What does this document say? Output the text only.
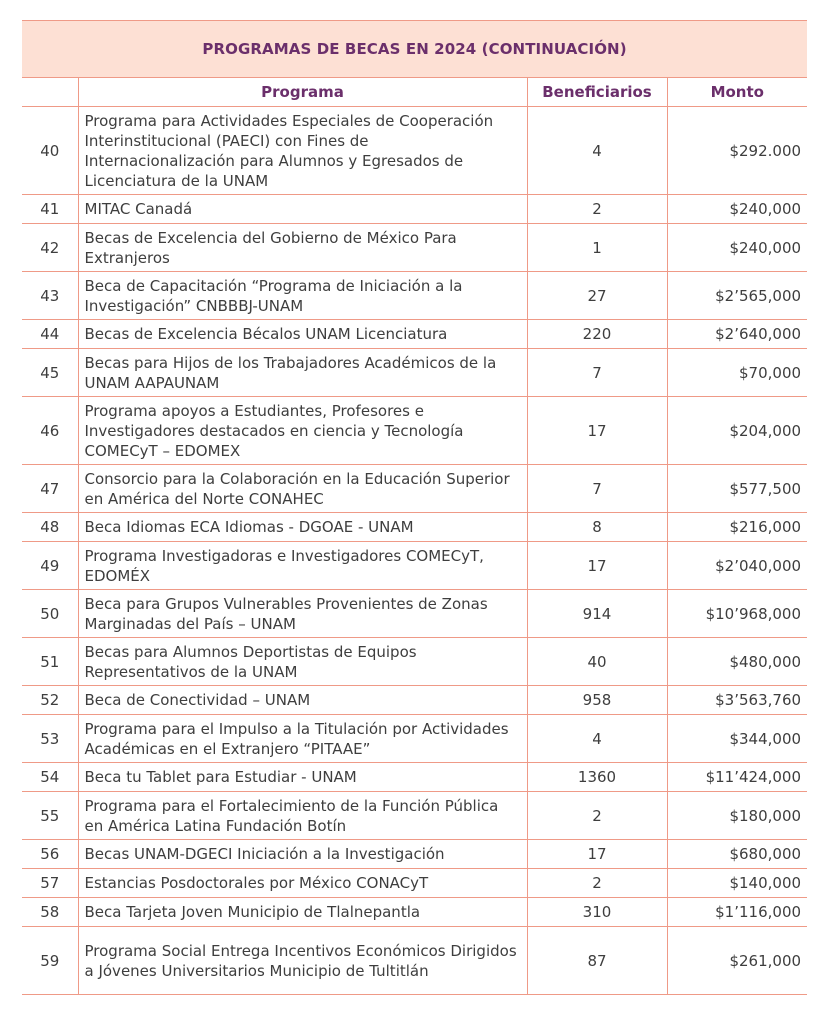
PROGRAMAS DE BECAS EN 2024 (CONTINUACIÓN)			
	Programa	Beneficiarios	Monto
40	Programa para Actividades Especiales de Cooperación Interinstitucional (PAECI) con Fines de Internacionalización para Alumnos y Egresados de Licenciatura de la UNAM	4	$292.000
41	MITAC Canadá	2	$240,000
42	Becas de Excelencia del Gobierno de México Para Extranjeros	1	$240,000
43	Beca de Capacitación “Programa de Iniciación a la Investigación” CNBBBJ-UNAM	27	$2’565,000
44	Becas de Excelencia Bécalos UNAM Licenciatura	220	$2’640,000
45	Becas para Hijos de los Trabajadores Académicos de la UNAM AAPAUNAM	7	$70,000
46	Programa apoyos a Estudiantes, Profesores e Investigadores destacados en ciencia y Tecnología COMECyT – EDOMEX	17	$204,000
47	Consorcio para la Colaboración en la Educación Superior en América del Norte CONAHEC	7	$577,500
48	Beca Idiomas ECA Idiomas - DGOAE - UNAM	8	$216,000
49	Programa Investigadoras e Investigadores COMECyT, EDOMÉX	17	$2’040,000
50	Beca para Grupos Vulnerables Provenientes de Zonas Marginadas del País – UNAM	914	$10’968,000
51	Becas para Alumnos Deportistas de Equipos Representativos de la UNAM	40	$480,000
52	Beca de Conectividad – UNAM	958	$3’563,760
53	Programa para el Impulso a la Titulación por Actividades Académicas en el Extranjero “PITAAE”	4	$344,000
54	Beca tu Tablet para Estudiar - UNAM	1360	$11’424,000
55	Programa para el Fortalecimiento de la Función Pública en América Latina Fundación Botín	2	$180,000
56	Becas UNAM-DGECI Iniciación a la Investigación	17	$680,000
57	Estancias Posdoctorales por México CONACyT	2	$140,000
58	Beca Tarjeta Joven Municipio de Tlalnepantla	310	$1’116,000
59	Programa Social Entrega Incentivos Económicos Dirigidos a Jóvenes Universitarios Municipio de Tultitlán	87	$261,000
